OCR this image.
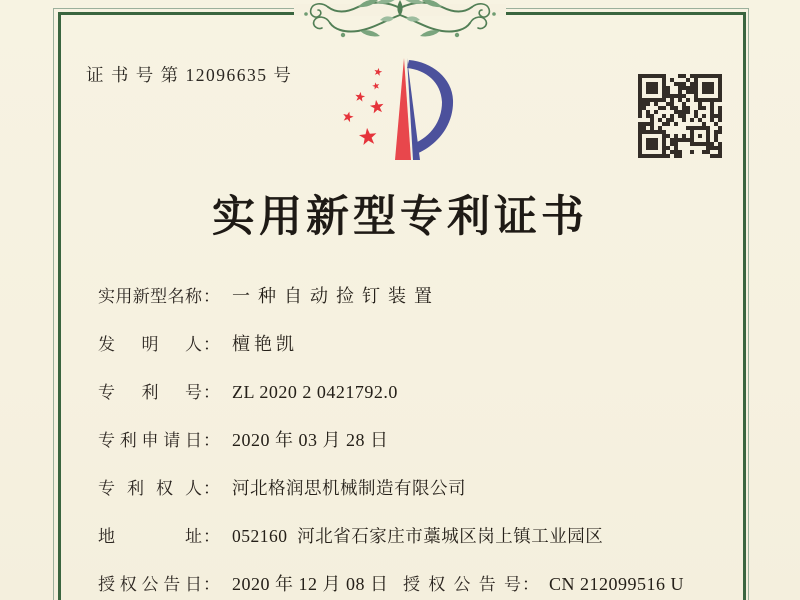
证 书 号 第 12096635 号
实用新型专利证书
实 用 新 型 名 称 ： 一种自动捡钉装置
发 明 人 ： 檀艳凯
专 利 号 ： ZL 2020 2 0421792.0
专 利 申 请 日 ： 2020 年 03 月 28 日
专 利 权 人 ： 河北格润思机械制造有限公司
地	址 ： 052160  河北省石家庄市藁城区岗上镇工业园区
授 权 公 告 日 ： 2020 年 12 月 08 日 授 权 公 告 号 ： CN 212099516 U
